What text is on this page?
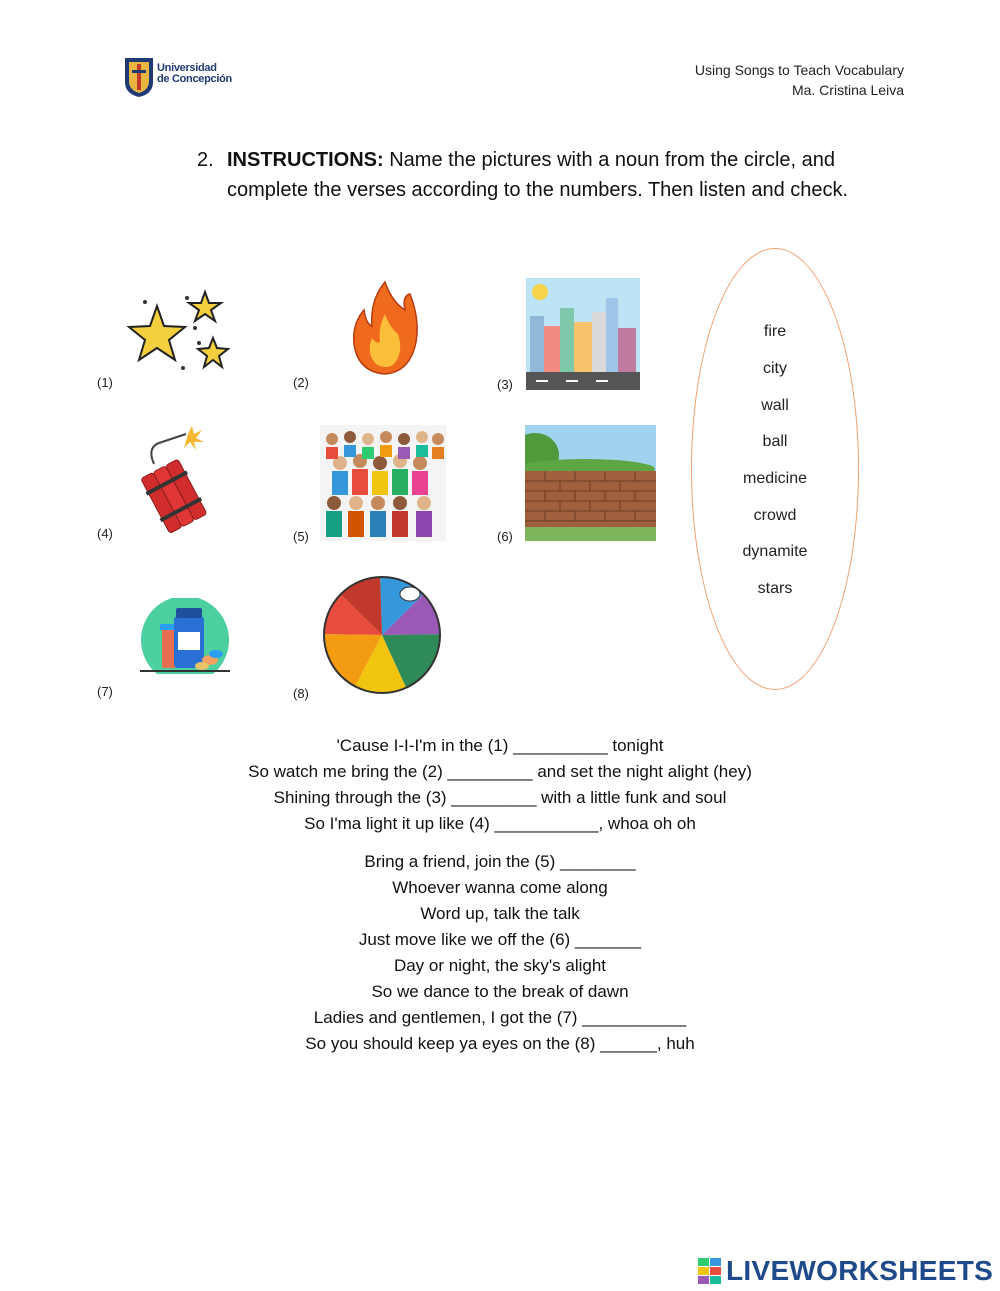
Universidad
de Concepción
Using Songs to Teach Vocabulary
Ma. Cristina Leiva
2. INSTRUCTIONS: Name the pictures with a noun from the circle, and complete the verses according to the numbers. Then listen and check.
(1)	(2)	(3)
(4)	(5)	(6)
(7)	(8)
fire
city
wall
ball
medicine
crowd
dynamite
stars
'Cause I-I-I'm in the (1) __________ tonight
So watch me bring the (2) _________ and set the night alight (hey)
Shining through the (3) _________ with a little funk and soul
So I'ma light it up like (4) ___________, whoa oh oh
Bring a friend, join the (5) ________
Whoever wanna come along
Word up, talk the talk
Just move like we off the (6) _______
Day or night, the sky's alight
So we dance to the break of dawn
Ladies and gentlemen, I got the (7) ___________
So you should keep ya eyes on the (8) ______, huh
LIVEWORKSHEETS
